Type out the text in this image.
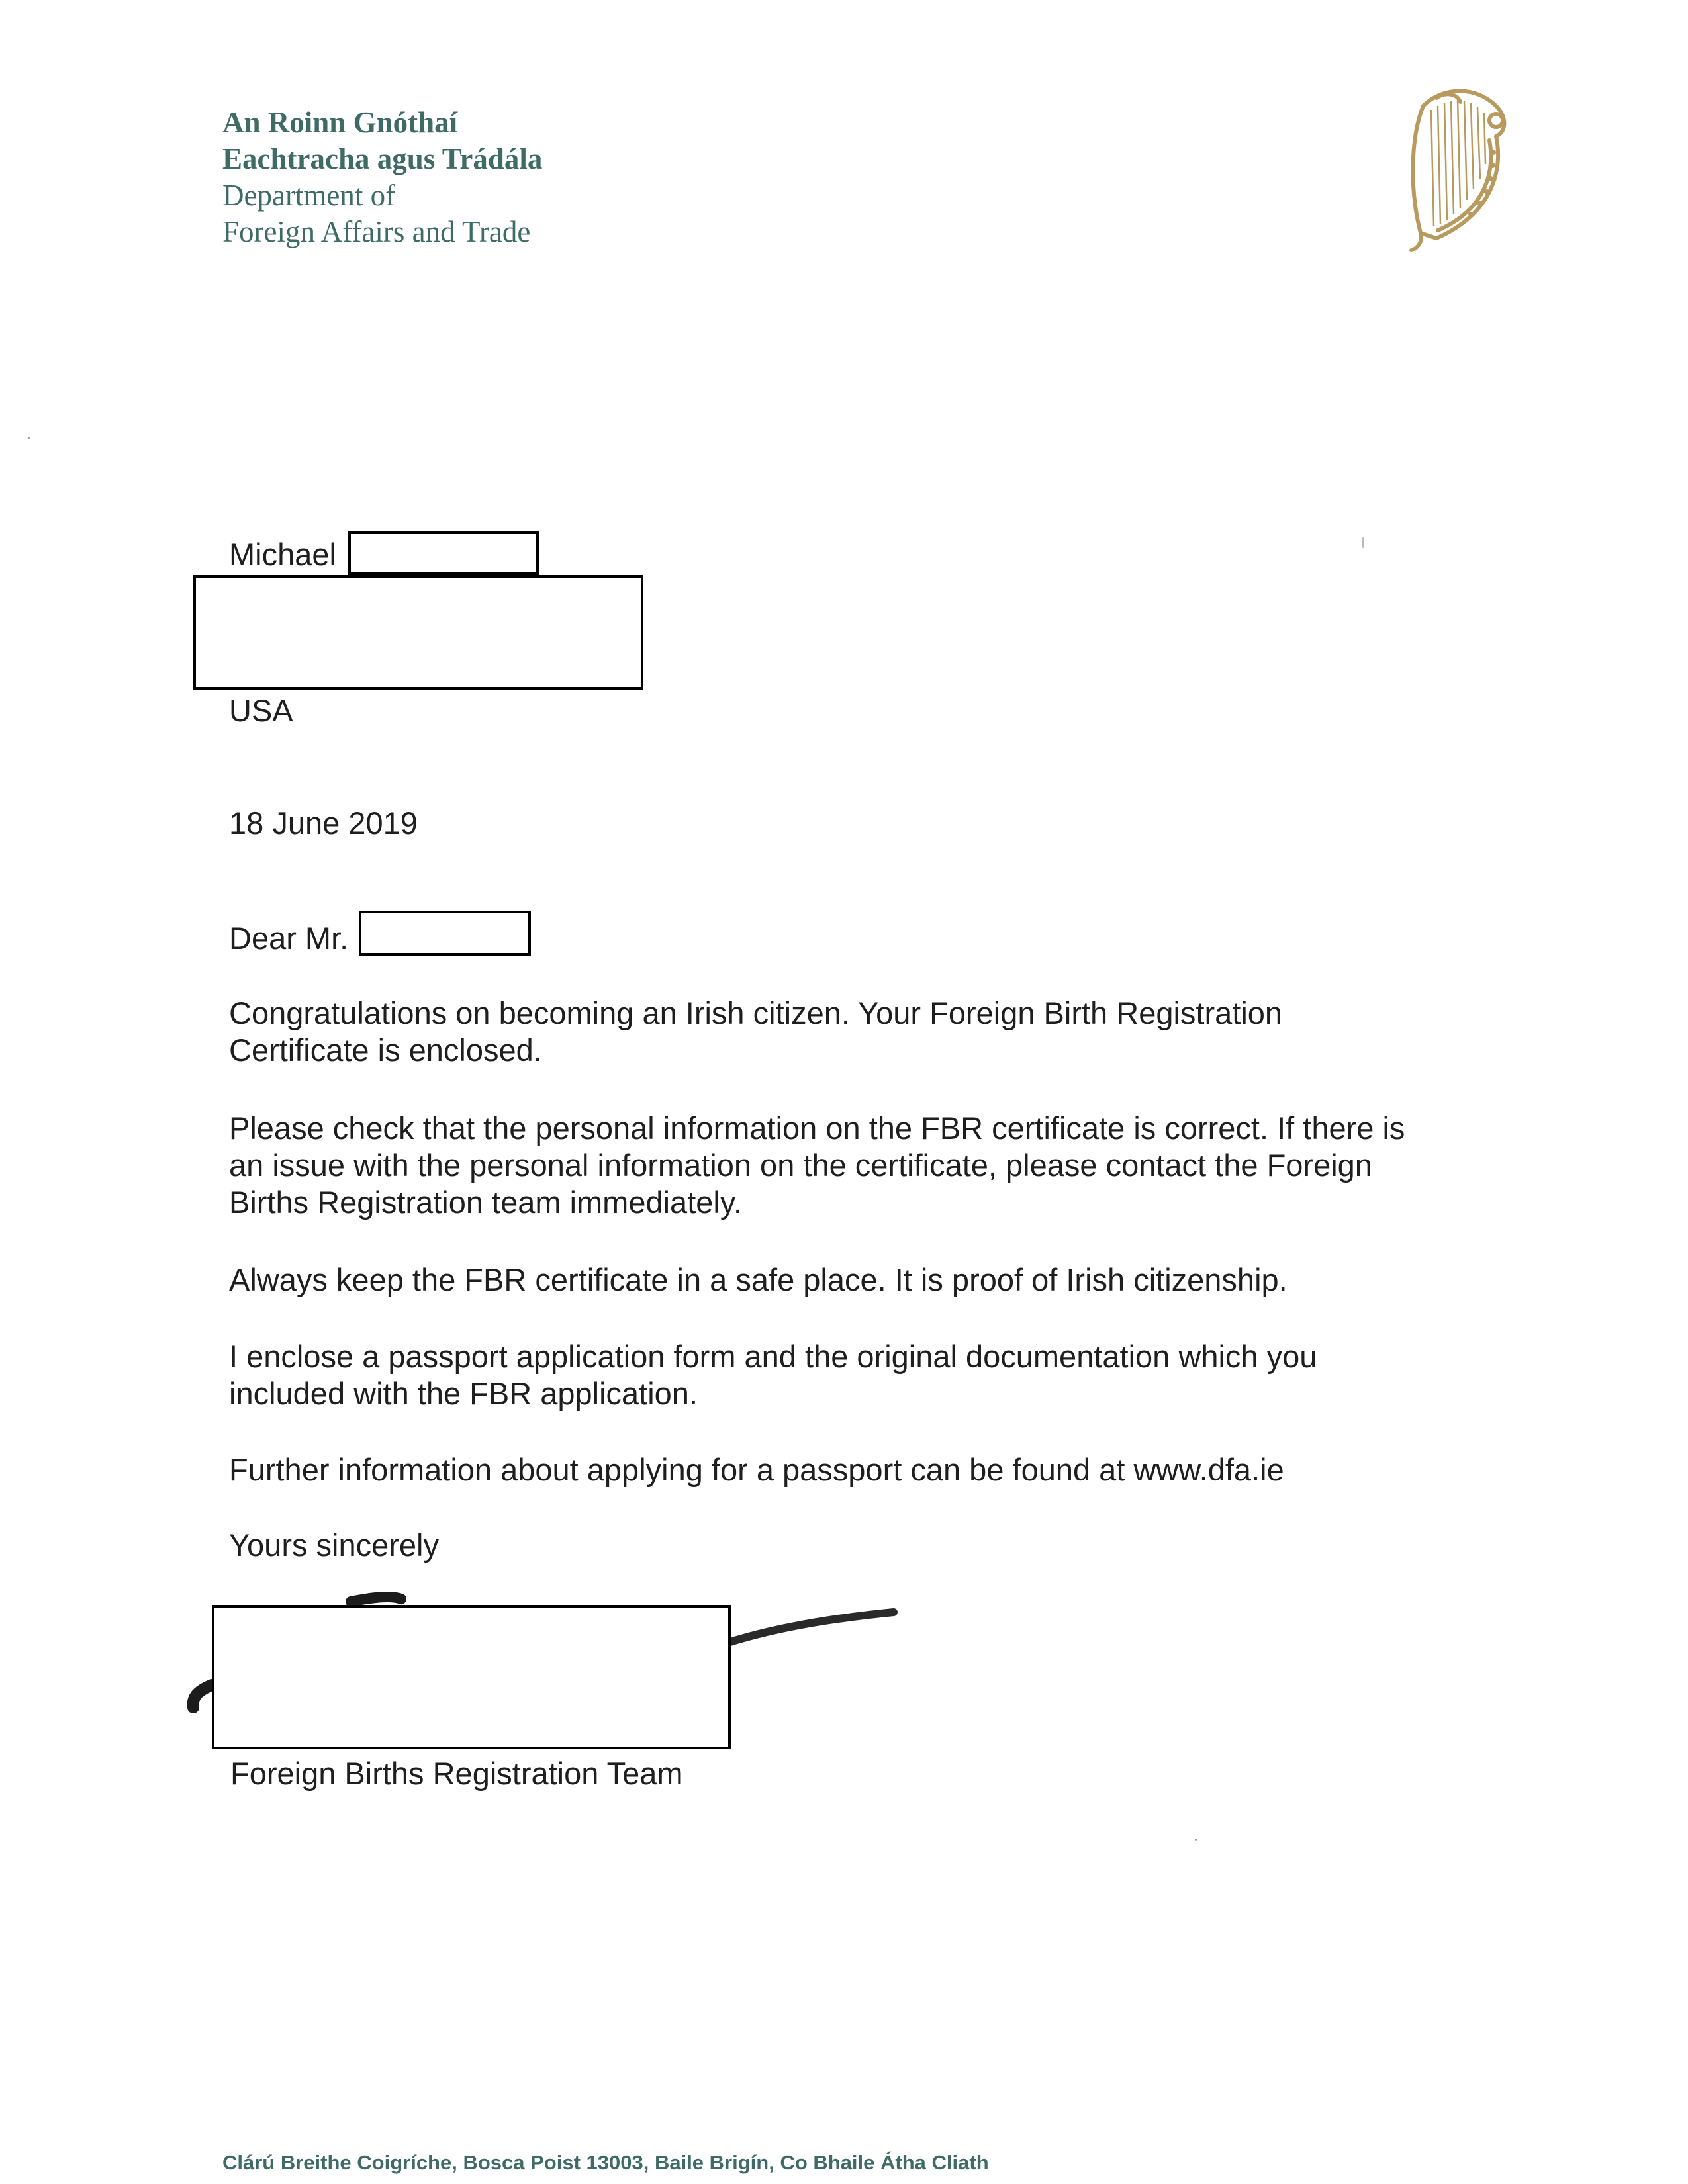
An Roinn Gnóthaí
Eachtracha agus Trádála
Department of
Foreign Affairs and Trade
Michael
USA
18 June 2019
Dear Mr.
Congratulations on becoming an Irish citizen. Your Foreign Birth Registration Certificate is enclosed.
Please check that the personal information on the FBR certificate is correct. If there is an issue with the personal information on the certificate, please contact the Foreign Births Registration team immediately.
Always keep the FBR certificate in a safe place. It is proof of Irish citizenship.
I enclose a passport application form and the original documentation which you included with the FBR application.
Further information about applying for a passport can be found at www.dfa.ie
Yours sincerely
Foreign Births Registration Team
Clárú Breithe Coigríche, Bosca Poist 13003, Baile Brigín, Co Bhaile Átha Cliath
